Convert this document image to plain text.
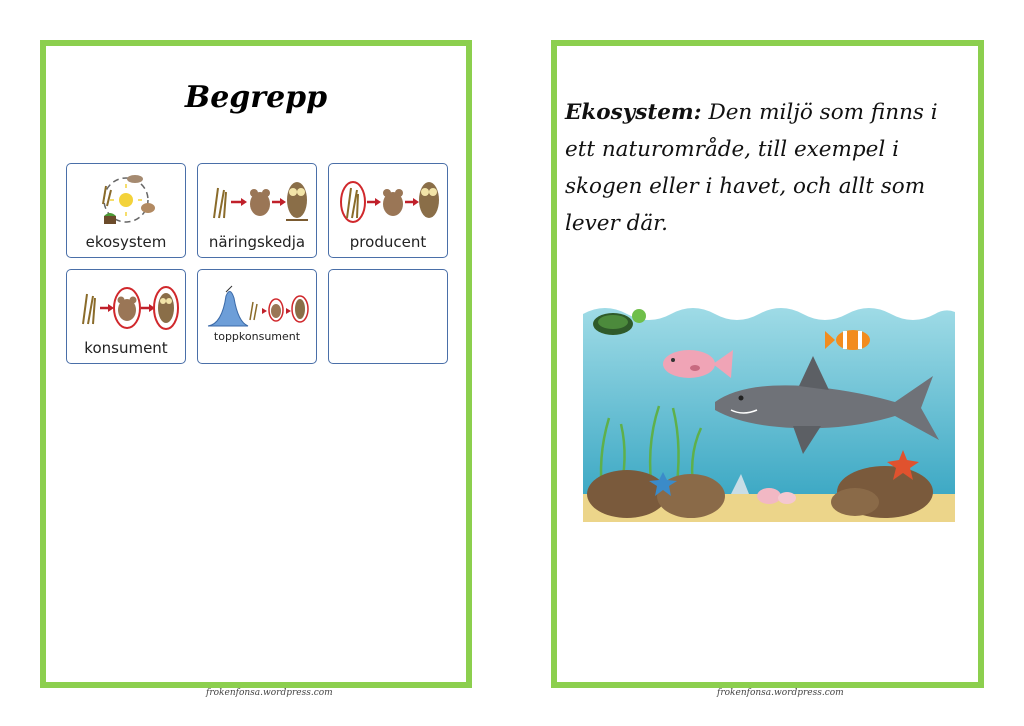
Begrepp
ekosystem	näringskedja	producent
konsument
toppkonsument
Ekosystem: Den miljö som finns i ett naturområde, till exempel i skogen eller i havet, och allt som lever där.
frokenfonsa.wordpress.com	frokenfonsa.wordpress.com
